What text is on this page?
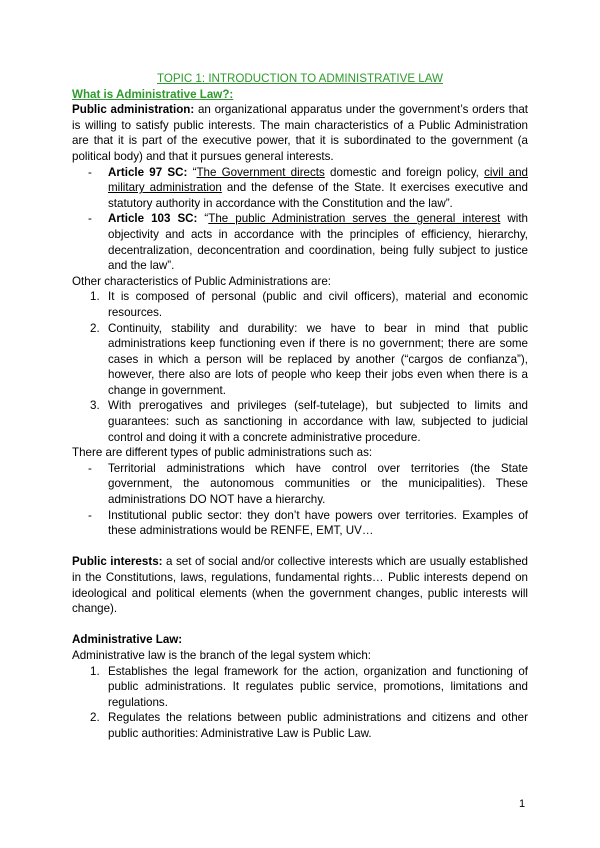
TOPIC 1: INTRODUCTION TO ADMINISTRATIVE LAW
What is Administrative Law?:

Public administration: an organizational apparatus under the government’s orders that is willing to satisfy public interests. The main characteristics of a Public Administration are that it is part of the executive power, that it is subordinated to the government (a political body) and that it pursues general interests.

- Article 97 SC: “The Government directs domestic and foreign policy, civil and military administration and the defense of the State. It exercises executive and statutory authority in accordance with the Constitution and the law”.
- Article 103 SC: “The public Administration serves the general interest with objectivity and acts in accordance with the principles of efficiency, hierarchy, decentralization, deconcentration and coordination, being fully subject to justice and the law”.

Other characteristics of Public Administrations are:

1. It is composed of personal (public and civil officers), material and economic resources.
2. Continuity, stability and durability: we have to bear in mind that public administrations keep functioning even if there is no government; there are some cases in which a person will be replaced by another (“cargos de confianza”), however, there also are lots of people who keep their jobs even when there is a change in government.
3. With prerogatives and privileges (self-tutelage), but subjected to limits and guarantees: such as sanctioning in accordance with law, subjected to judicial control and doing it with a concrete administrative procedure.

There are different types of public administrations such as:

- Territorial administrations which have control over territories (the State government, the autonomous communities or the municipalities). These administrations DO NOT have a hierarchy.
- Institutional public sector: they don’t have powers over territories. Examples of these administrations would be RENFE, EMT, UV…

Public interests: a set of social and/or collective interests which are usually established in the Constitutions, laws, regulations, fundamental rights… Public interests depend on ideological and political elements (when the government changes, public interests will change).

Administrative Law:

Administrative law is the branch of the legal system which:

1. Establishes the legal framework for the action, organization and functioning of public administrations. It regulates public service, promotions, limitations and regulations.
2. Regulates the relations between public administrations and citizens and other public authorities: Administrative Law is Public Law.
1
